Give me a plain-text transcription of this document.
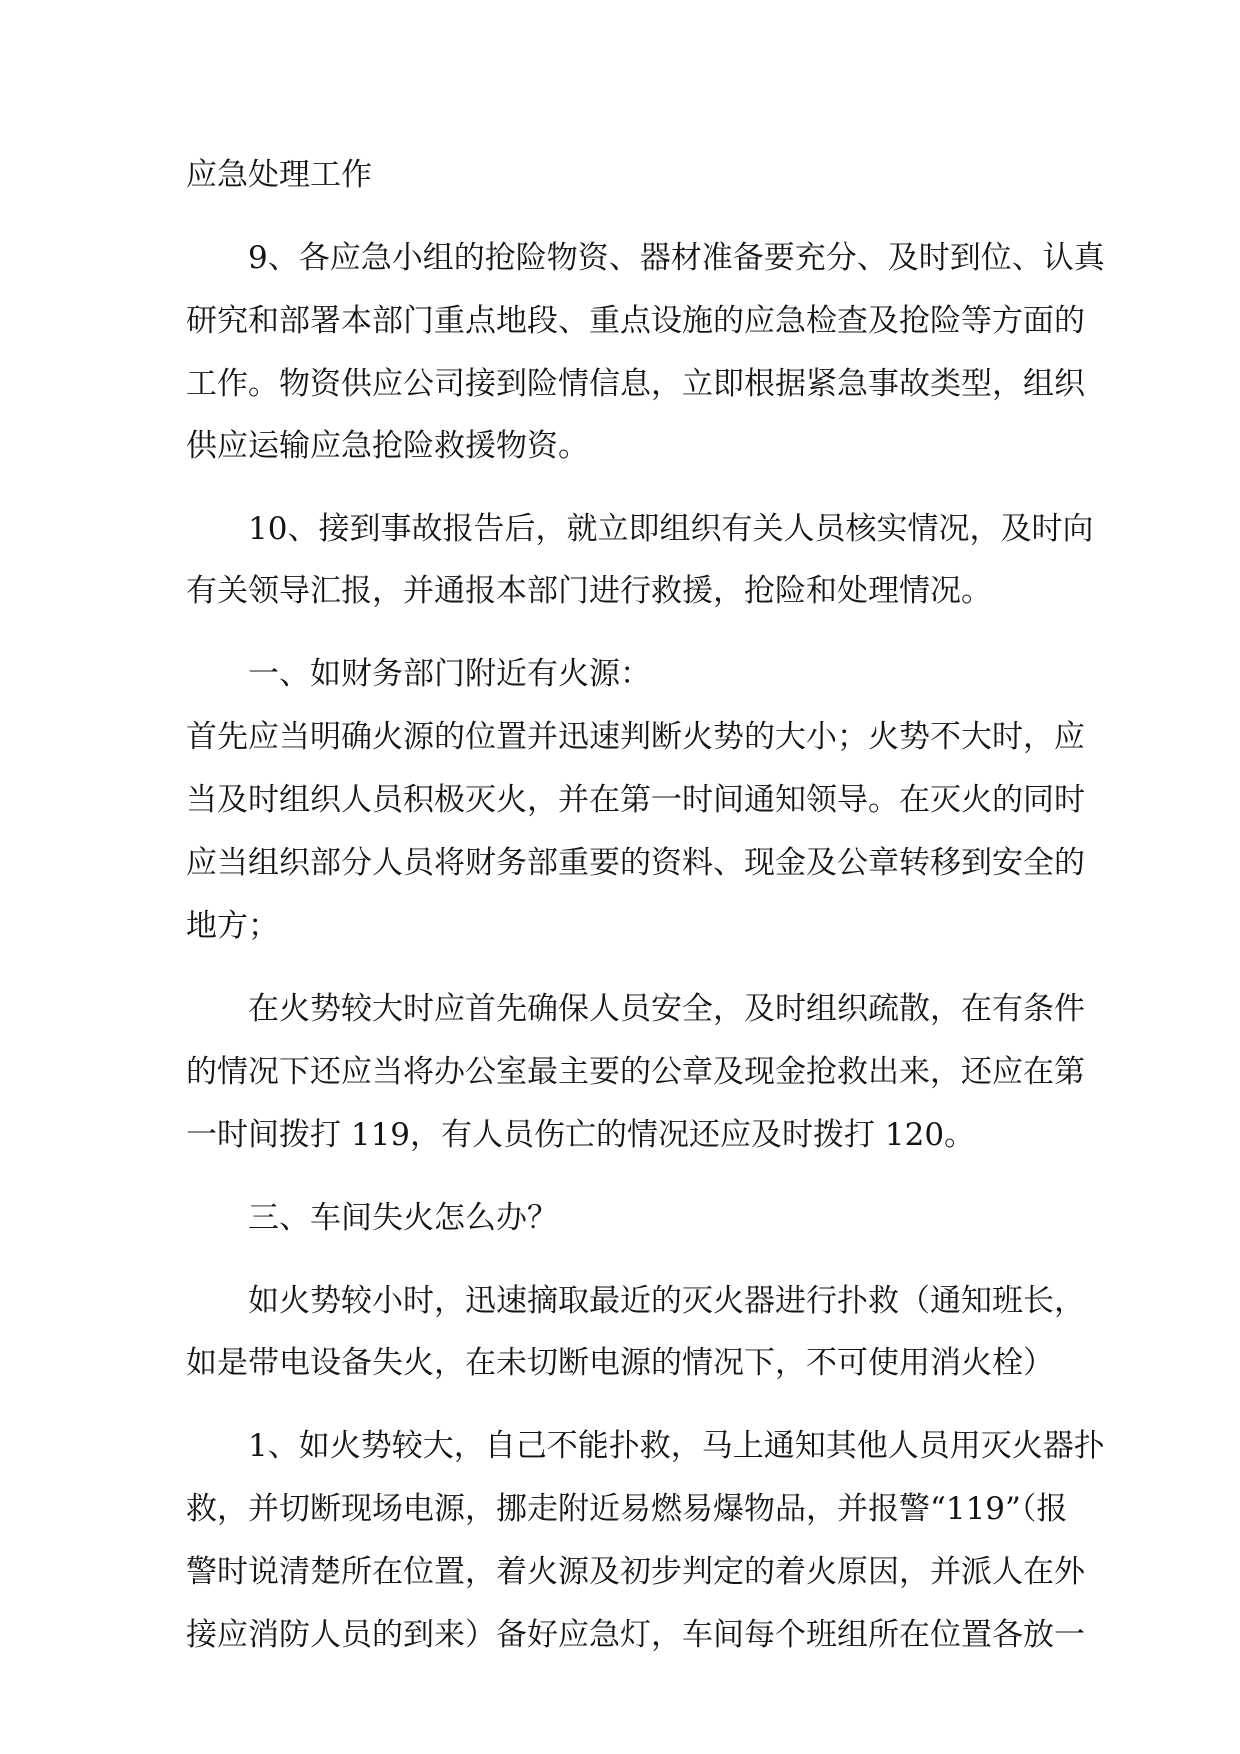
应急处理工作
9、各应急小组的抢险物资、器材准备要充分、及时到位、认真
研究和部署本部门重点地段、重点设施的应急检查及抢险等方面的
工作。物资供应公司接到险情信息，立即根据紧急事故类型，组织
供应运输应急抢险救援物资。
10、接到事故报告后，就立即组织有关人员核实情况，及时向
有关领导汇报，并通报本部门进行救援，抢险和处理情况。
一、如财务部门附近有火源：
首先应当明确火源的位置并迅速判断火势的大小；火势不大时，应
当及时组织人员积极灭火，并在第一时间通知领导。在灭火的同时
应当组织部分人员将财务部重要的资料、现金及公章转移到安全的
地方；
在火势较大时应首先确保人员安全，及时组织疏散，在有条件
的情况下还应当将办公室最主要的公章及现金抢救出来，还应在第
一时间拨打 119，有人员伤亡的情况还应及时拨打 120。
三、车间失火怎么办？
如火势较小时，迅速摘取最近的灭火器进行扑救（通知班长，
如是带电设备失火，在未切断电源的情况下，不可使用消火栓）
1、如火势较大，自己不能扑救，马上通知其他人员用灭火器扑
救，并切断现场电源，挪走附近易燃易爆物品，并报警“119”（报
警时说清楚所在位置，着火源及初步判定的着火原因，并派人在外
接应消防人员的到来）备好应急灯，车间每个班组所在位置各放一
